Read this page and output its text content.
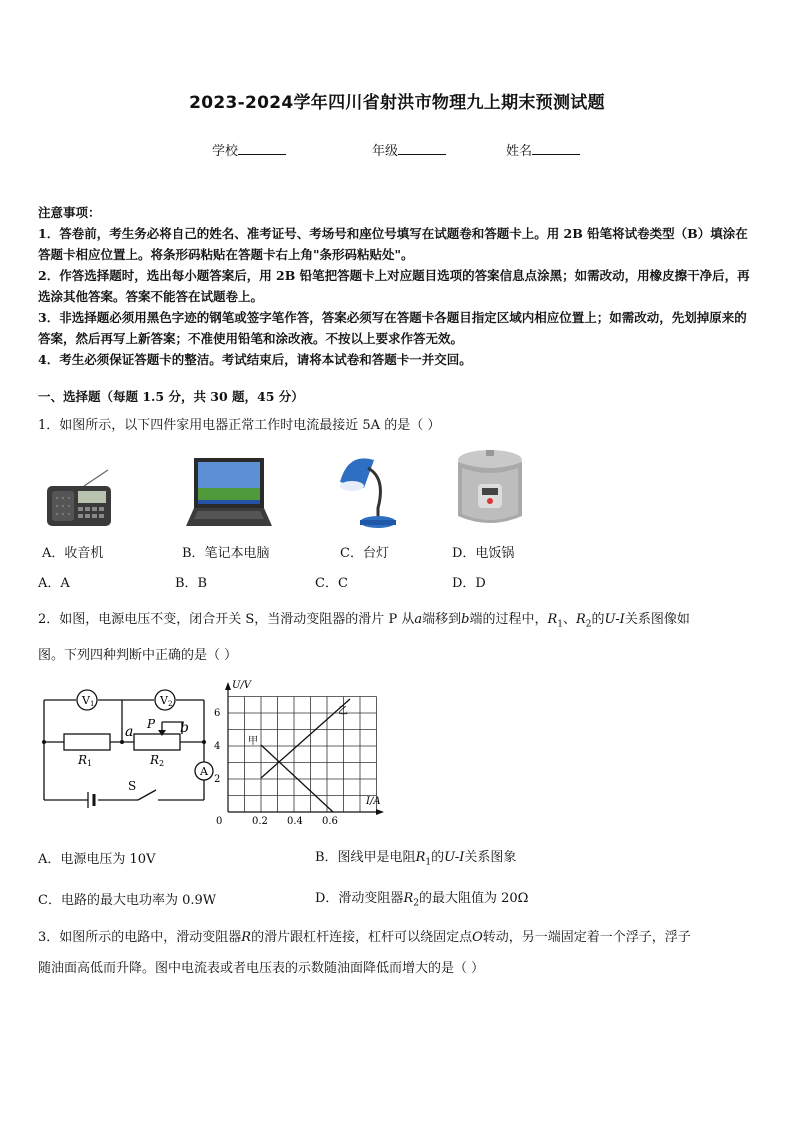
2023-2024学年四川省射洪市物理九上期末预测试题
学校	年级	姓名

注意事项：

1．答卷前，考生务必将自己的姓名、准考证号、考场号和座位号填写在试题卷和答题卡上。用 2B 铅笔将试卷类型（B）填涂在答题卡相应位置上。将条形码粘贴在答题卡右上角"条形码粘贴处"。

2．作答选择题时，选出每小题答案后，用 2B 铅笔把答题卡上对应题目选项的答案信息点涂黑；如需改动，用橡皮擦干净后，再选涂其他答案。答案不能答在试题卷上。

3．非选择题必须用黑色字迹的钢笔或签字笔作答，答案必须写在答题卡各题目指定区域内相应位置上；如需改动，先划掉原来的答案，然后再写上新答案；不准使用铅笔和涂改液。不按以上要求作答无效。

4．考生必须保证答题卡的整洁。考试结束后，请将本试卷和答题卡一并交回。

一、选择题（每题 1.5 分，共 30 题，45 分）
1．如图所示，以下四件家用电器正常工作时电流最接近 5A 的是（ ）
A．收音机	B．笔记本电脑	C．台灯	D．电饭锅
A．A	B．B	C．C	D．D
2．如图，电源电压不变，闭合开关 S，当滑动变阻器的滑片 P 从a端移到b端的过程中，$R_1$、$R_2$的U-I关系图像如
图。下列四种判断中正确的是（ ）
V1	V2
A
a	b
P
R1	R2
S
U/V
I/A
2
4
6
0	0.2 0.4 0.6
甲
乙
A．电源电压为 10V	B．图线甲是电阻$R_1$的U-I关系图象
C．电路的最大电功率为 0.9W	D．滑动变阻器$R_2$的最大阻值为 20Ω
3．如图所示的电路中，滑动变阻器R的滑片跟杠杆连接，杠杆可以绕固定点O转动，另一端固定着一个浮子，浮子
随油面高低而升降。图中电流表或者电压表的示数随油面降低而增大的是（ ）
